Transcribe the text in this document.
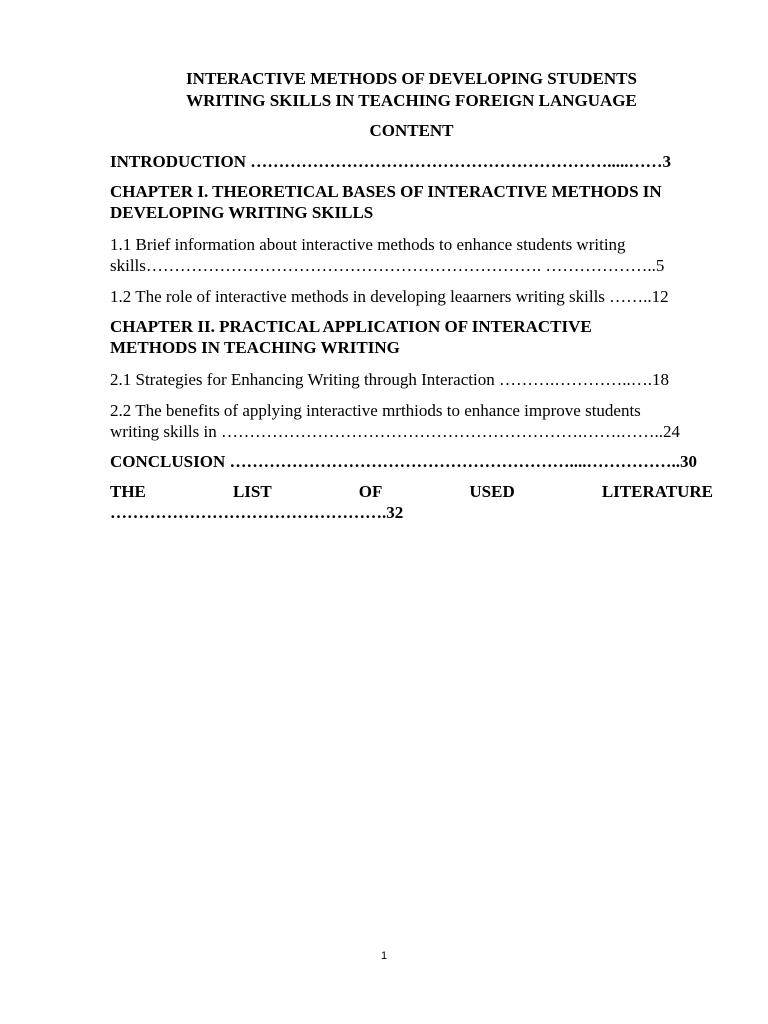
INTERACTIVE METHODS OF DEVELOPING STUDENTS
WRITING SKILLS IN TEACHING FOREIGN LANGUAGE
CONTENT
INTRODUCTION ……………………………………………………….....……3
CHAPTER I. THEORETICAL BASES OF INTERACTIVE METHODS IN
DEVELOPING WRITING SKILLS
1.1 Brief information about interactive methods to enhance students writing
skills……………………………………………………………. ………………..5
1.2 The role of interactive methods in developing leaarners writing skills ……..12
CHAPTER II. PRACTICAL APPLICATION OF INTERACTIVE
METHODS IN TEACHING WRITING
2.1 Strategies for Enhancing Writing through Interaction ……….…………..….18
2.2 The benefits of applying interactive mrthiods to enhance improve students
writing skills in ……………………………………………………….…….……..24
CONCLUSION ……………………………………………………....……………..30
THE	LIST	OF	USED	LITERATURE
………………………………………….32
1
